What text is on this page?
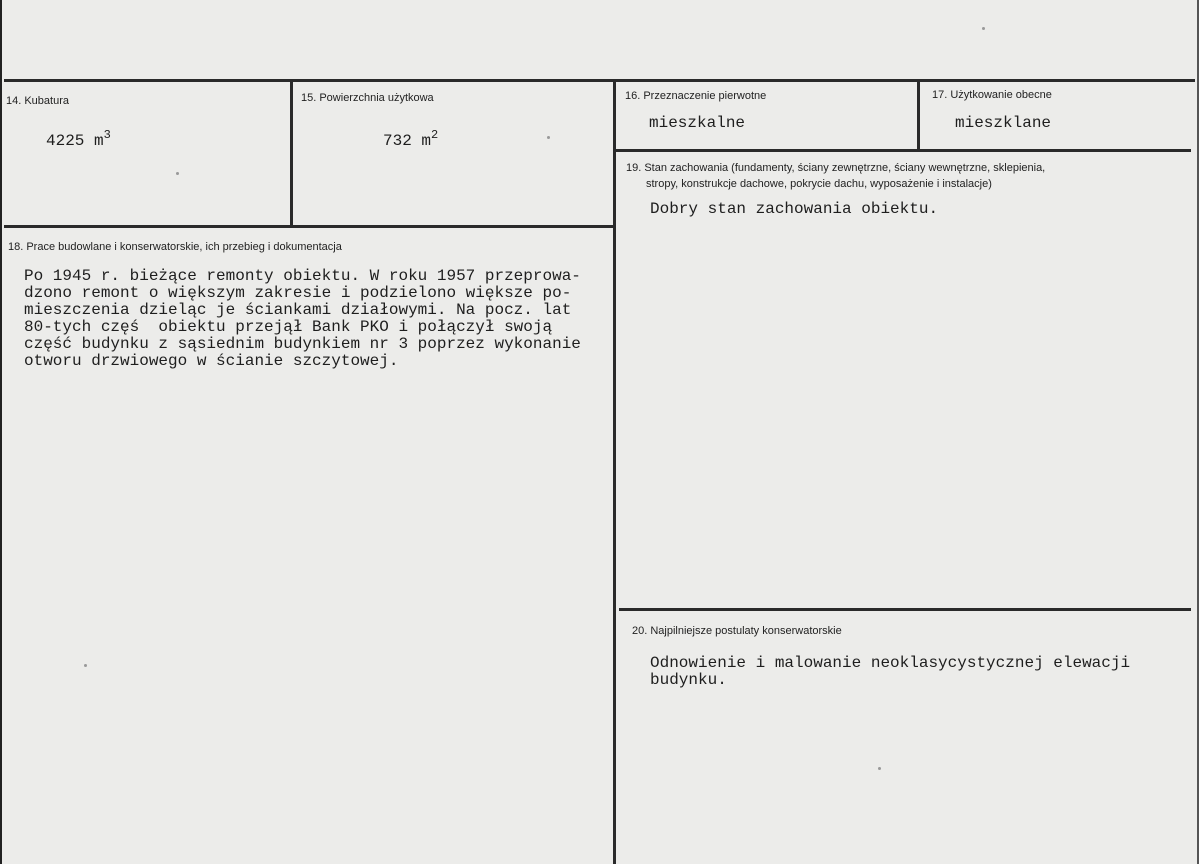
14. Kubatura
4225 $m^3$
15. Powierzchnia użytkowa
732 $m^2$
16. Przeznaczenie pierwotne
mieszkalne
17. Użytkowanie obecne
mieszklane
19. Stan zachowania (fundamenty, ściany zewnętrzne, ściany wewnętrzne, sklepienia,
stropy, konstrukcje dachowe, pokrycie dachu, wyposażenie i instalacje)
Dobry stan zachowania obiektu.
18. Prace budowlane i konserwatorskie, ich przebieg i dokumentacja
Po 1945 r. bieżące remonty obiektu. W roku 1957 przeprowa-
dzono remont o większym zakresie i podzielono większe po-
mieszczenia dzieląc je ściankami działowymi. Na pocz. lat
80-tych częś  obiektu przejął Bank PKO i połączył swoją
część budynku z sąsiednim budynkiem nr 3 poprzez wykonanie
otworu drzwiowego w ścianie szczytowej.
20. Najpilniejsze postulaty konserwatorskie
Odnowienie i malowanie neoklasycystycznej elewacji
budynku.
